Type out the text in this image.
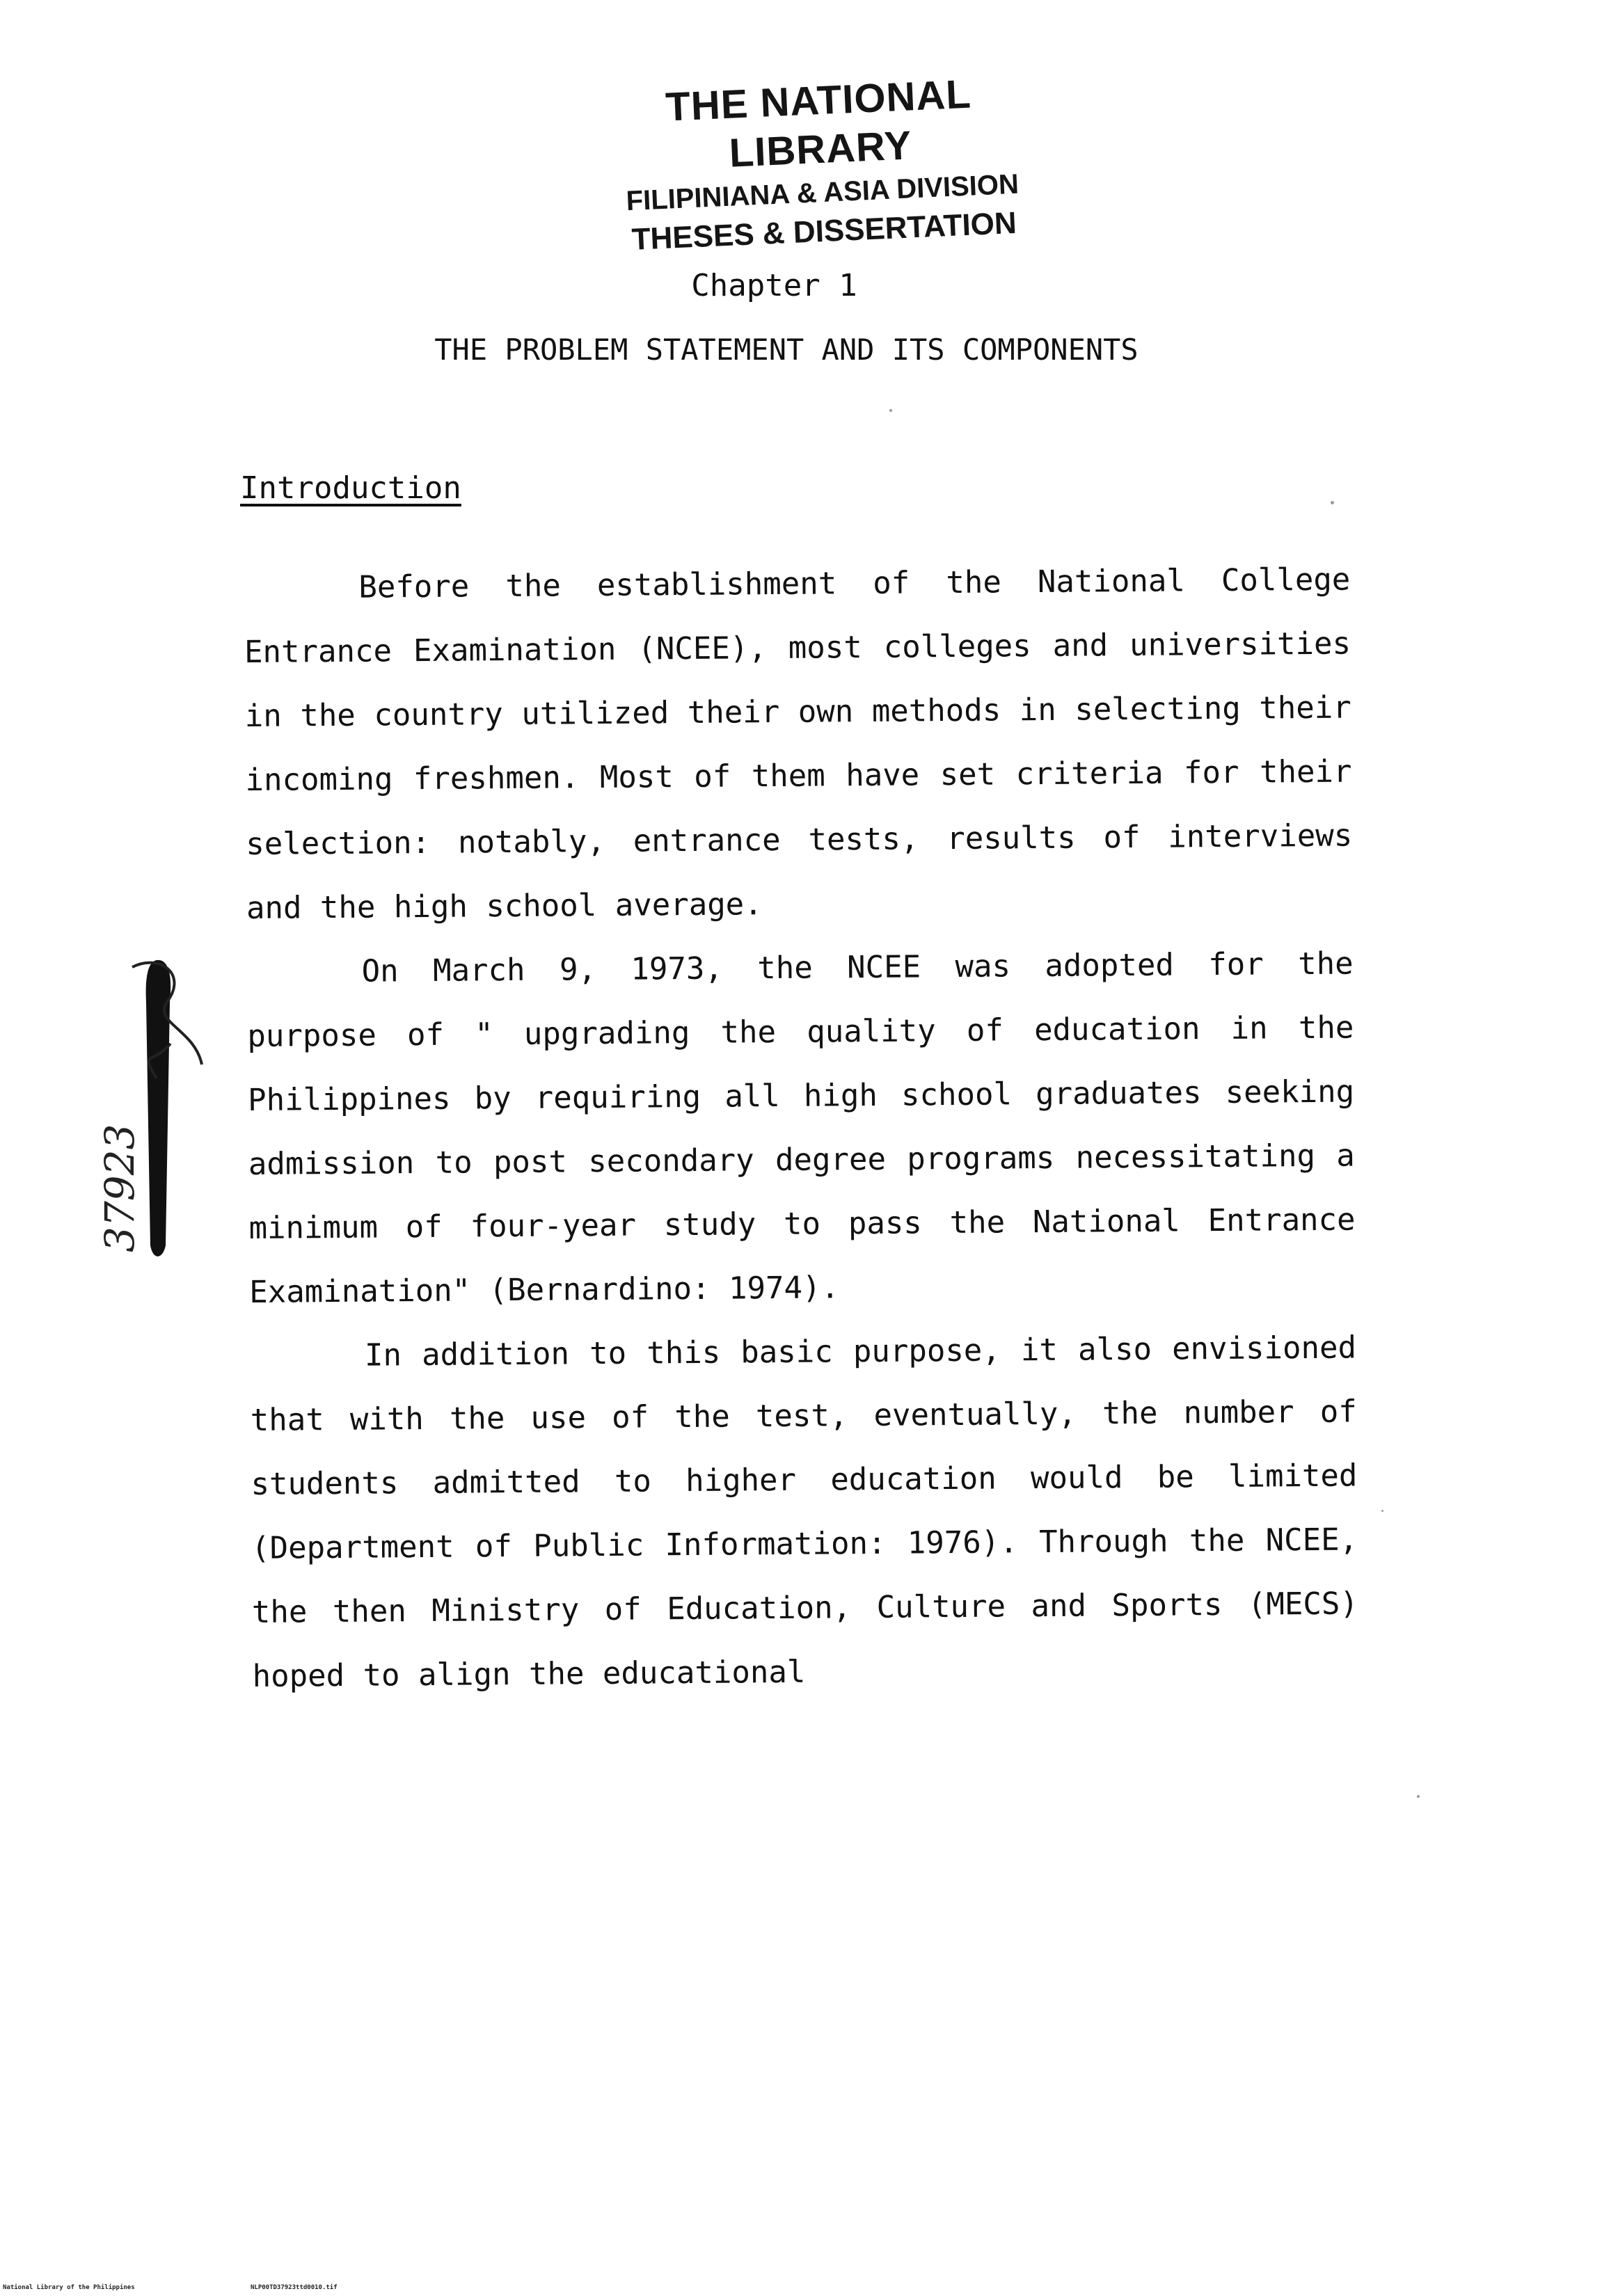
THE NATIONAL LIBRARY
FILIPINIANA & ASIA DIVISION
THESES & DISSERTATION
Chapter 1
THE PROBLEM STATEMENT AND ITS COMPONENTS
Introduction

Before the establishment of the National College Entrance Examination (NCEE), most colleges and universities in the country utilized their own methods in selecting their incoming freshmen. Most of them have set criteria for their selection: notably, entrance tests, results of interviews and the high school average.

On March 9, 1973, the NCEE was adopted for the purpose of " upgrading the quality of education in the Philippines by requiring all high school graduates seeking admission to post secondary degree programs necessitating a minimum of four-year study to pass the National Entrance Examination" (Bernardino: 1974).

In addition to this basic purpose, it also envisioned that with the use of the test, eventually, the number of students admitted to higher education would be limited (Department of Public Information: 1976). Through the NCEE, the then Ministry of Education, Culture and Sports (MECS) hoped to align the educational

37923
National Library of the Philippines	NLP00TD37923ttd0010.tif
